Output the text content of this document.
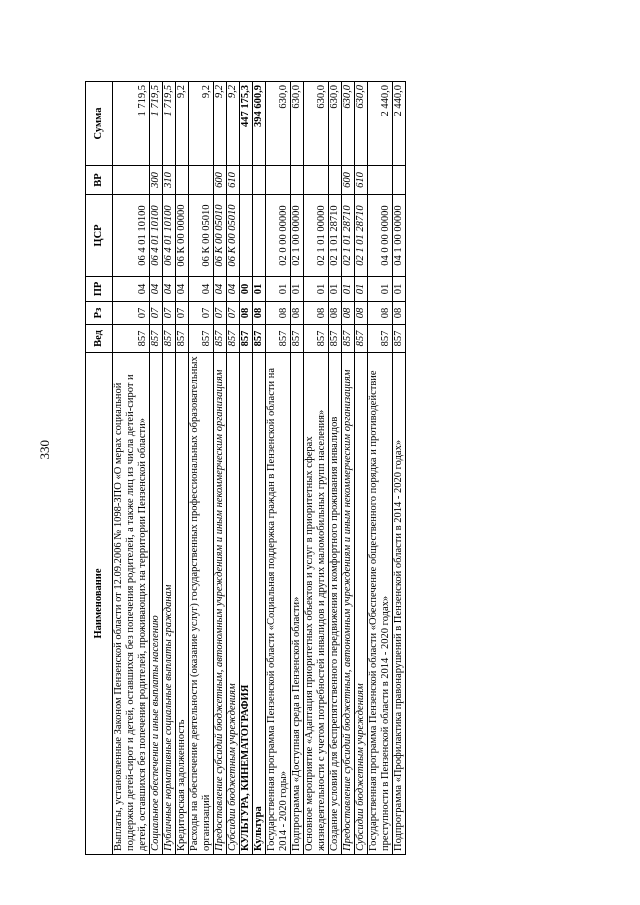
330
Наименование	Вед	Рз	ПР	ЦСР	ВР	Сумма
Выплаты, установленные Законом Пензенской области от 12.09.2006 № 1098-ЗПО «О мерах социальной поддержки детей-сирот и детей, оставшихся без попечения родителей, а также лиц из числа детей-сирот и детей, оставшихся без попечения родителей, проживающих на территории Пензенской области»	857	07	04	06 4 01 10100		1 719,5
Социальное обеспечение и иные выплаты населению	857	07	04	06 4 01 10100	300	1 719,5
Публичные нормативные социальные выплаты гражданам	857	07	04	06 4 01 10100	310	1 719,5
Кредиторская задолженность	857	07	04	06 К 00 00000		9,2
Расходы на обеспечение деятельности (оказание услуг) государственных профессиональных образовательных организаций	857	07	04	06 К 00 05010		9,2
Предоставление субсидий бюджетным, автономным учреждениям и иным некоммерческим организациям	857	07	04	06 К 00 05010	600	9,2
Субсидии бюджетным учреждениям	857	07	04	06 К 00 05010	610	9,2
КУЛЬТУРА, КИНЕМАТОГРАФИЯ	857	08	00			447 175,3
Культура	857	08	01			394 600,9
Государственная программа Пензенской области «Социальная поддержка граждан в Пензенской области на 2014 - 2020 годы»	857	08	01	02 0 00 00000		630,0
Подпрограмма «Доступная среда в Пензенской области»	857	08	01	02 1 00 00000		630,0
Основное мероприятие «Адаптация приоритетных объектов и услуг в приоритетных сферах жизнедеятельности с учетом потребностей инвалидов и других маломобильных групп населения»	857	08	01	02 1 01 00000		630,0
Создание условий для беспрепятственного передвижения и комфортного проживания инвалидов	857	08	01	02 1 01 28710		630,0
Предоставление субсидий бюджетным, автономным учреждениям и иным некоммерческим организациям	857	08	01	02 1 01 28710	600	630,0
Субсидии бюджетным учреждениям	857	08	01	02 1 01 28710	610	630,0
Государственная программа Пензенской области «Обеспечение общественного порядка и противодействие преступности в Пензенской области в 2014 - 2020 годах»	857	08	01	04 0 00 00000		2 440,0
Подпрограмма «Профилактика правонарушений в Пензенской области в 2014 - 2020 годах»	857	08	01	04 1 00 00000		2 440,0
